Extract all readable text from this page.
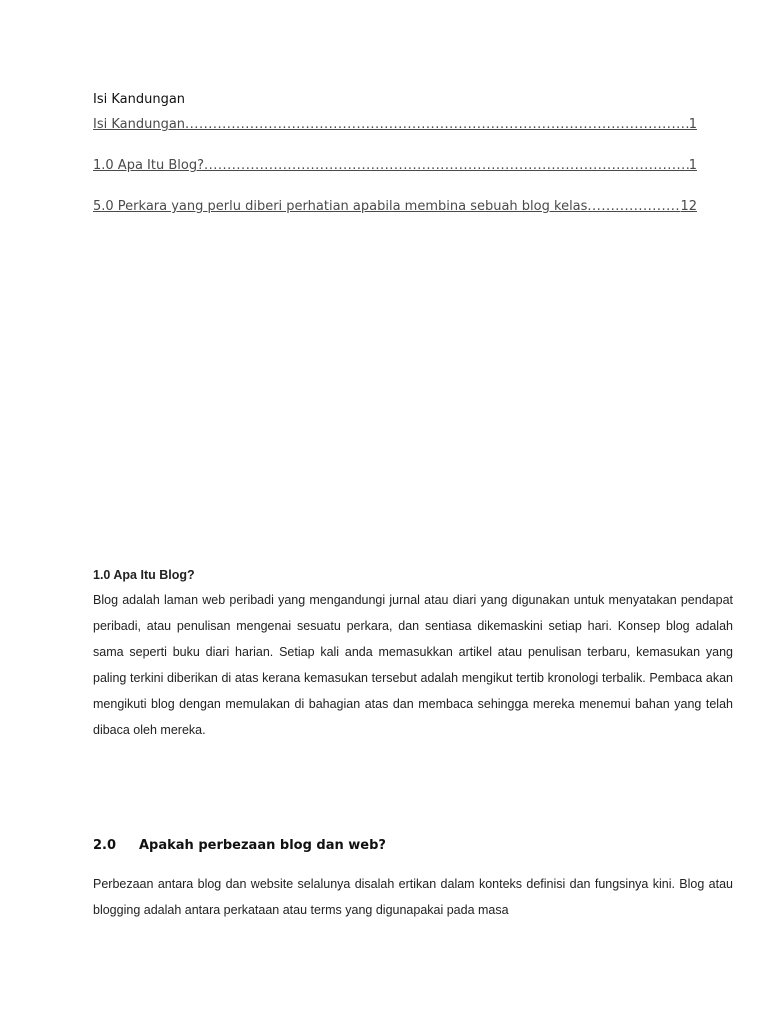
Isi Kandungan
Isi Kandungan .....	1
1.0 Apa Itu Blog? .....	1
5.0 Perkara yang perlu diberi perhatian apabila membina sebuah blog kelas .....	12
1.0 Apa Itu Blog?

Blog adalah laman web peribadi yang mengandungi jurnal atau diari yang digunakan untuk menyatakan pendapat peribadi, atau penulisan mengenai sesuatu perkara, dan sentiasa dikemaskini setiap hari. Konsep blog adalah sama seperti buku diari harian. Setiap kali anda memasukkan artikel atau penulisan terbaru, kemasukan yang paling terkini diberikan di atas kerana kemasukan tersebut adalah mengikut tertib kronologi terbalik. Pembaca akan mengikuti blog dengan memulakan di bahagian atas dan membaca sehingga mereka menemui bahan yang telah dibaca oleh mereka.

2.0 Apakah perbezaan blog dan web?

Perbezaan antara blog dan website selalunya disalah ertikan dalam konteks definisi dan fungsinya kini. Blog atau blogging adalah antara perkataan atau terms yang digunapakai pada masa
